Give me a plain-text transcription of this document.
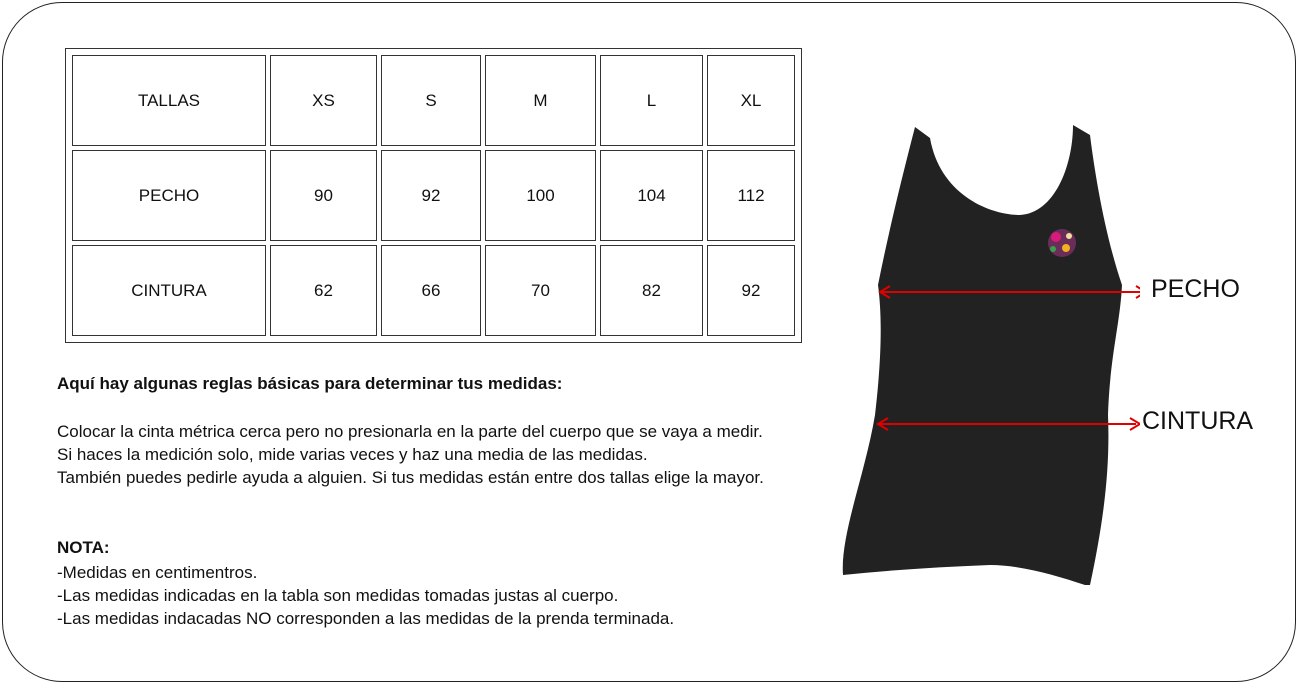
TALLAS	XS	S	M	L	XL
PECHO	90	92	100	104	112
CINTURA	62	66	70	82	92
Aquí hay algunas reglas básicas para determinar tus medidas:
Colocar la cinta métrica cerca pero no presionarla en la parte del cuerpo que se vaya a medir.
Si haces la medición solo, mide varias veces y haz una media de las medidas.
También puedes pedirle ayuda a alguien. Si tus medidas están entre dos tallas elige la mayor.
NOTA:
-Medidas en centimentros.
-Las medidas indicadas en la tabla son medidas tomadas justas al cuerpo.
-Las medidas indacadas NO corresponden a las medidas de la prenda terminada.
PECHO
CINTURA
